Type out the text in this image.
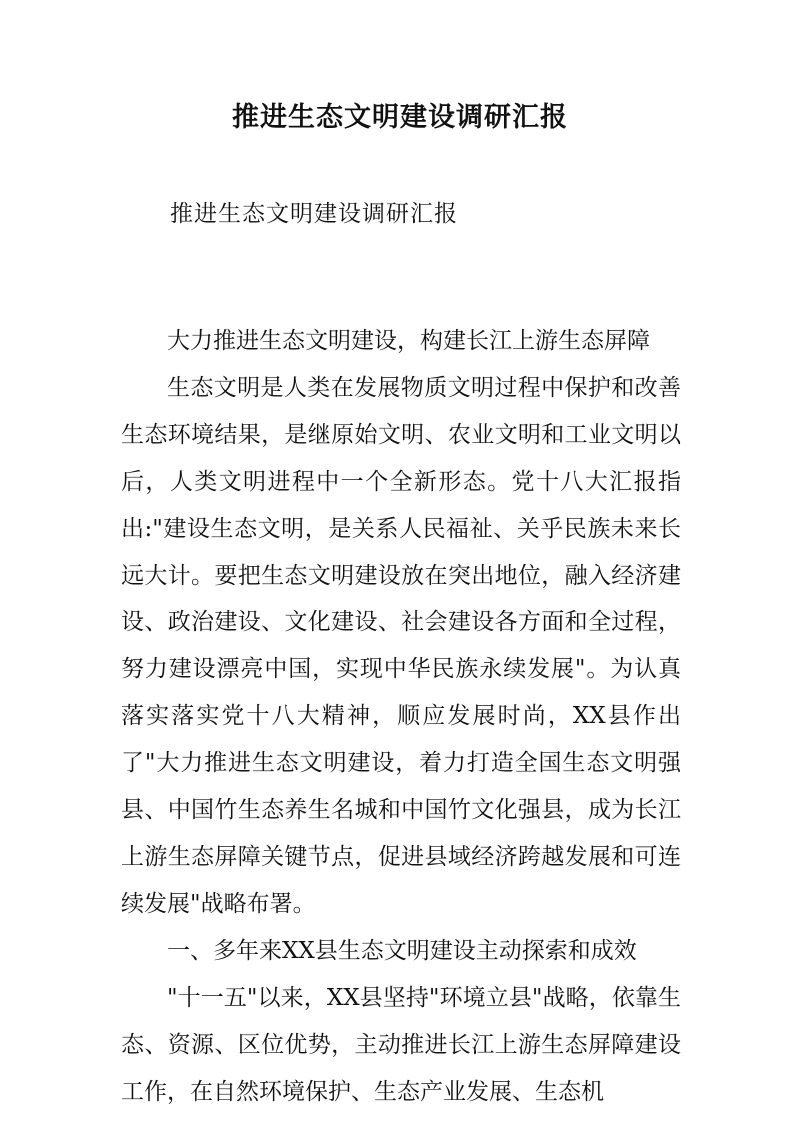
推进生态文明建设调研汇报
推进生态文明建设调研汇报

大力推进生态文明建设，构建长江上游生态屏障

生态文明是人类在发展物质文明过程中保护和改善生态环境结果，是继原始文明、农业文明和工业文明以后，人类文明进程中一个全新形态。党十八大汇报指出:"建设生态文明，是关系人民福祉、关乎民族未来长远大计。要把生态文明建设放在突出地位，融入经济建设、政治建设、文化建设、社会建设各方面和全过程，努力建设漂亮中国，实现中华民族永续发展"。为认真落实落实党十八大精神，顺应发展时尚，XX县作出了"大力推进生态文明建设，着力打造全国生态文明强县、中国竹生态养生名城和中国竹文化强县，成为长江上游生态屏障关键节点，促进县域经济跨越发展和可连续发展"战略布署。

一、多年来XX县生态文明建设主动探索和成效

"十一五"以来，XX县坚持"环境立县"战略，依靠生态、资源、区位优势，主动推进长江上游生态屏障建设工作，在自然环境保护、生态产业发展、生态机
